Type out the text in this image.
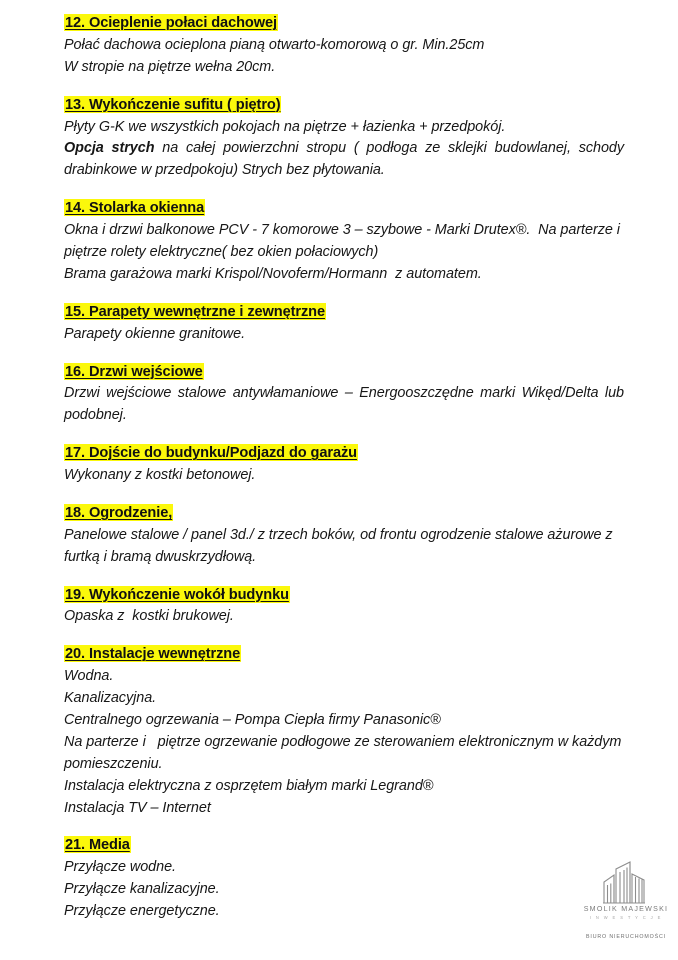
12. Ocieplenie połaci dachowej

Połać dachowa ocieplona pianą otwarto-komorową o gr. Min.25cm
W stropie na piętrze wełna 20cm.

13. Wykończenie sufitu ( piętro)

Płyty G-K we wszystkich pokojach na piętrze + łazienka + przedpokój.

Opcja strych na całej powierzchni stropu ( podłoga ze sklejki budowlanej, schody drabinkowe w przedpokoju) Strych bez płytowania.

14. Stolarka okienna

Okna i drzwi balkonowe PCV - 7 komorowe 3 – szybowe - Marki Drutex®.  Na parterze i piętrze rolety elektryczne( bez okien połaciowych)
Brama garażowa marki Krispol/Novoferm/Hormann  z automatem.

15. Parapety wewnętrzne i zewnętrzne

Parapety okienne granitowe.

16. Drzwi wejściowe

Drzwi wejściowe stalowe antywłamaniowe – Energooszczędne marki Wikęd/Delta lub podobnej.

17. Dojście do budynku/Podjazd do garażu

Wykonany z kostki betonowej.

18. Ogrodzenie,

Panelowe stalowe / panel 3d./ z trzech boków, od frontu ogrodzenie stalowe ażurowe z furtką i bramą dwuskrzydłową.

19. Wykończenie wokół budynku

Opaska z  kostki brukowej.

20. Instalacje wewnętrzne

Wodna.
Kanalizacyjna.
Centralnego ogrzewania – Pompa Ciepła firmy Panasonic®
Na parterze i   piętrze ogrzewanie podłogowe ze sterowaniem elektronicznym w każdym pomieszczeniu.
Instalacja elektryczna z osprzętem białym marki Legrand®
Instalacja TV – Internet

21. Media

Przyłącze wodne.
Przyłącze kanalizacyjne.
Przyłącze energetyczne.	SMOLIK MAJEWSKI
I N W E S T Y C J E
BIURO NIERUCHOMOŚCI
